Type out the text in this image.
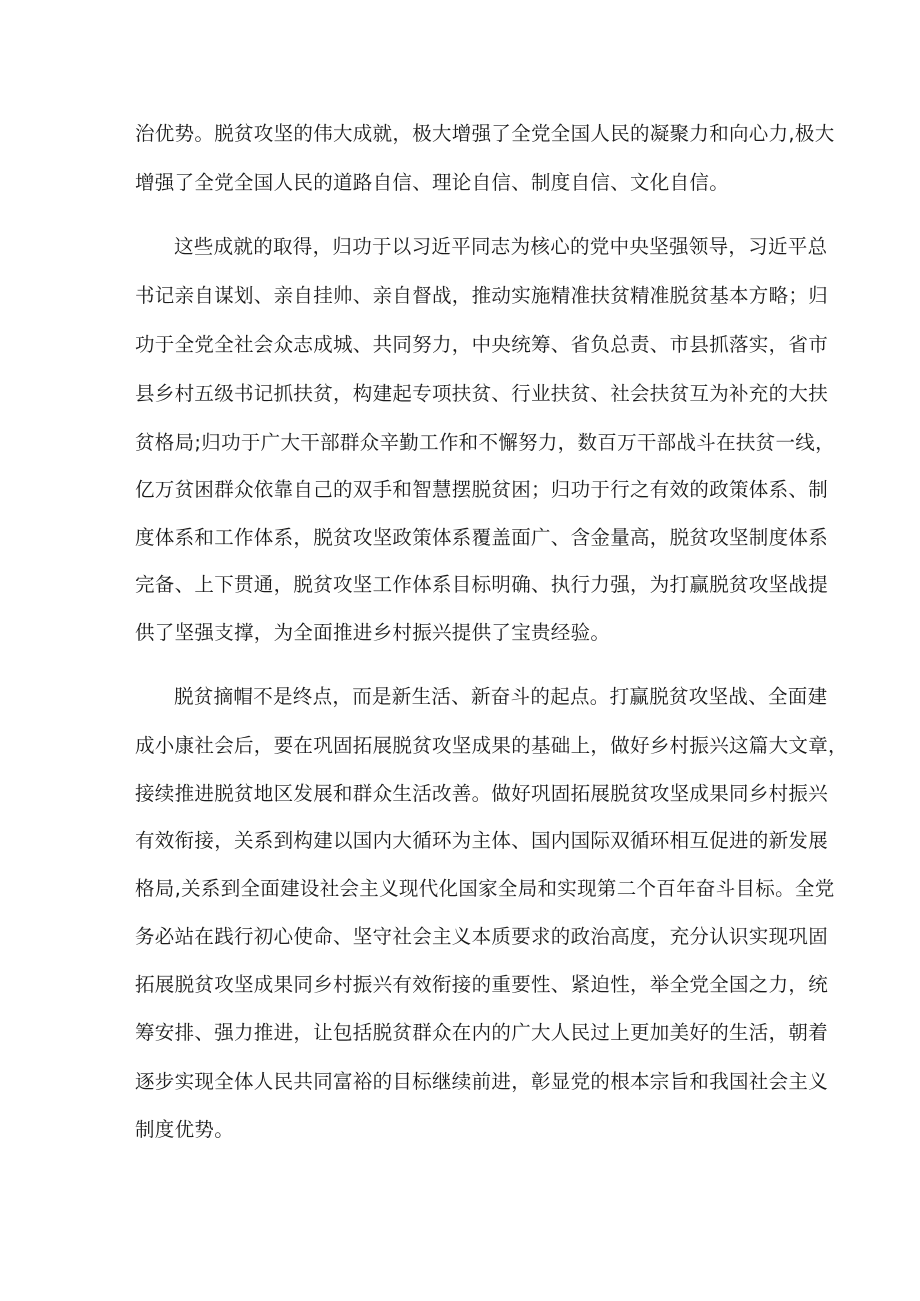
治优势。脱贫攻坚的伟大成就，极大增强了全党全国人民的凝聚力和向心力,极大
增强了全党全国人民的道路自信、理论自信、制度自信、文化自信。
这些成就的取得，归功于以习近平同志为核心的党中央坚强领导，习近平总
书记亲自谋划、亲自挂帅、亲自督战，推动实施精准扶贫精准脱贫基本方略；归
功于全党全社会众志成城、共同努力，中央统筹、省负总责、市县抓落实，省市
县乡村五级书记抓扶贫，构建起专项扶贫、行业扶贫、社会扶贫互为补充的大扶
贫格局;归功于广大干部群众辛勤工作和不懈努力，数百万干部战斗在扶贫一线，
亿万贫困群众依靠自己的双手和智慧摆脱贫困；归功于行之有效的政策体系、制
度体系和工作体系，脱贫攻坚政策体系覆盖面广、含金量高，脱贫攻坚制度体系
完备、上下贯通，脱贫攻坚工作体系目标明确、执行力强，为打赢脱贫攻坚战提
供了坚强支撑，为全面推进乡村振兴提供了宝贵经验。
脱贫摘帽不是终点，而是新生活、新奋斗的起点。打赢脱贫攻坚战、全面建
成小康社会后，要在巩固拓展脱贫攻坚成果的基础上，做好乡村振兴这篇大文章，
接续推进脱贫地区发展和群众生活改善。做好巩固拓展脱贫攻坚成果同乡村振兴
有效衔接，关系到构建以国内大循环为主体、国内国际双循环相互促进的新发展
格局,关系到全面建设社会主义现代化国家全局和实现第二个百年奋斗目标。全党
务必站在践行初心使命、坚守社会主义本质要求的政治高度，充分认识实现巩固
拓展脱贫攻坚成果同乡村振兴有效衔接的重要性、紧迫性，举全党全国之力，统
筹安排、强力推进，让包括脱贫群众在内的广大人民过上更加美好的生活，朝着
逐步实现全体人民共同富裕的目标继续前进，彰显党的根本宗旨和我国社会主义
制度优势。
